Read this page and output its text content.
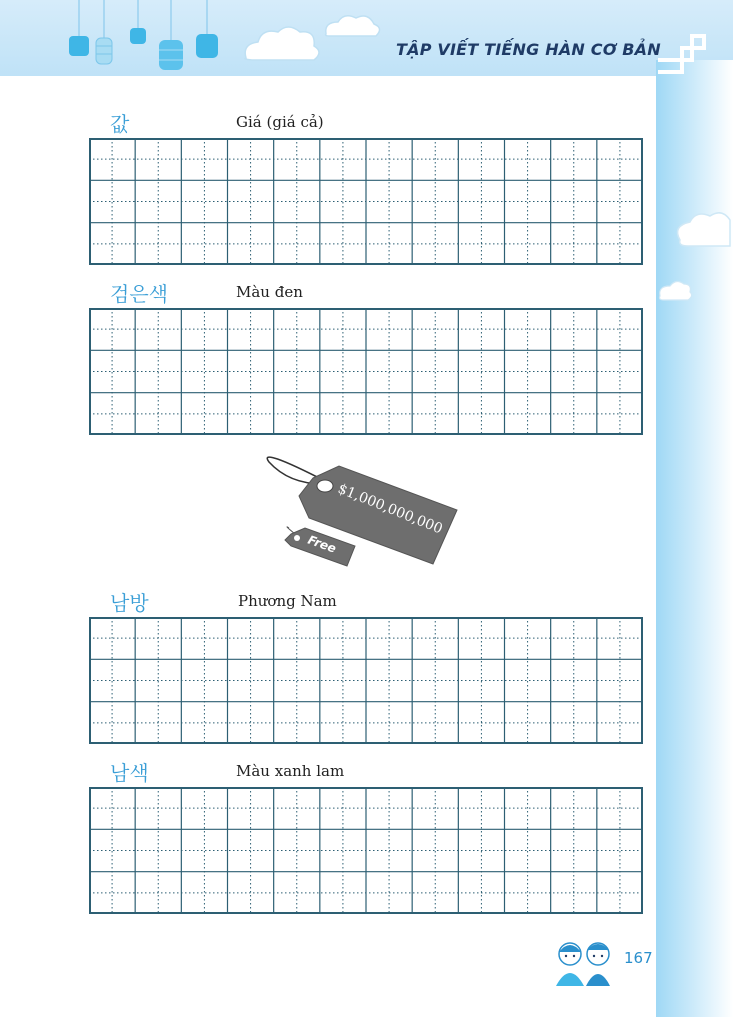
TẬP VIẾT TIẾNG HÀN CƠ BẢN
값	Giá (giá cả)
검은색	Màu đen
$1,000,000,000
Free
남방	Phương Nam
남색	Màu xanh lam
167
